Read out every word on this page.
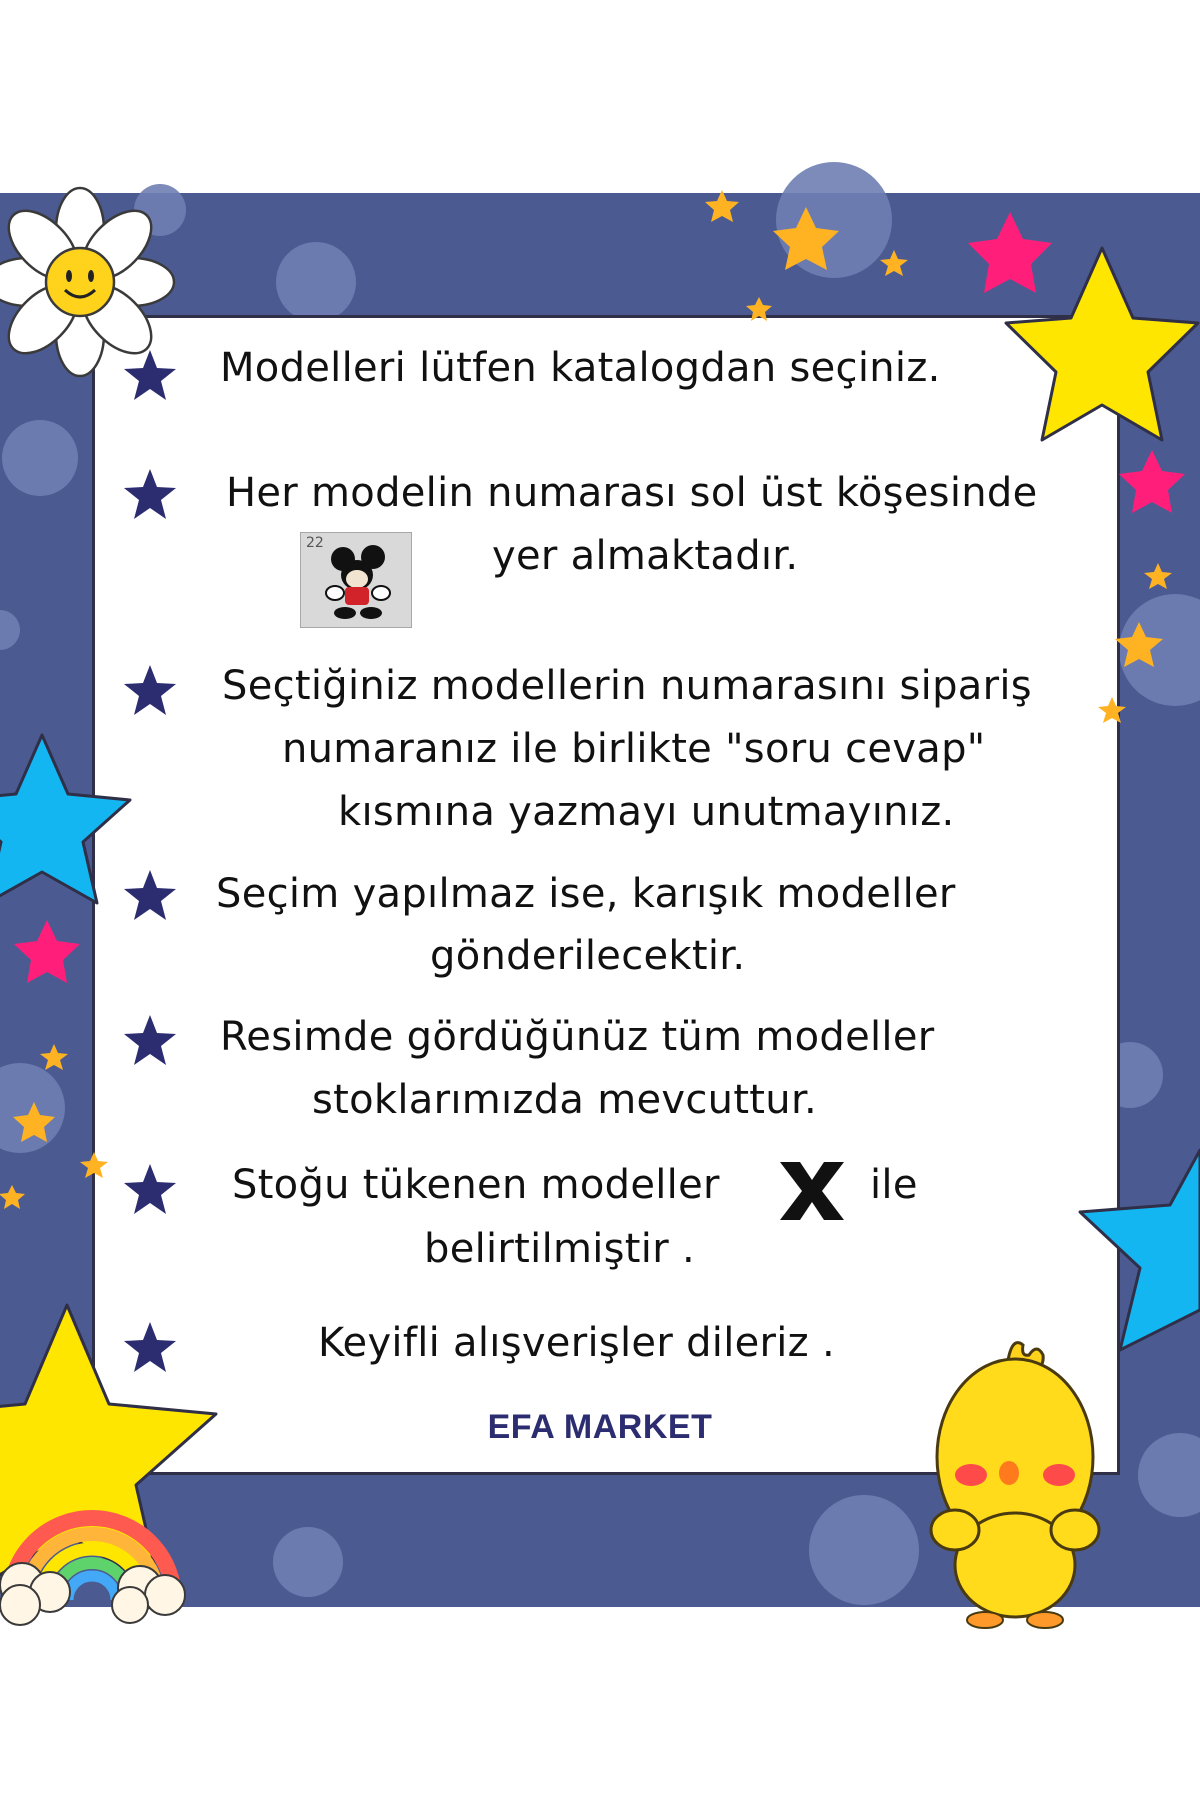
Modelleri lütfen katalogdan seçiniz.
Her modelin numarası sol üst köşesinde
yer almaktadır.
22
Seçtiğiniz modellerin numarasını sipariş
numaranız ile birlikte "soru cevap"
kısmına yazmayı unutmayınız.
Seçim yapılmaz ise, karışık modeller
gönderilecektir.
Resimde gördüğünüz tüm modeller
stoklarımızda mevcuttur.
Stoğu tükenen modeller	ile
belirtilmiştir .
Keyifli alışverişler dileriz .
EFA MARKET
